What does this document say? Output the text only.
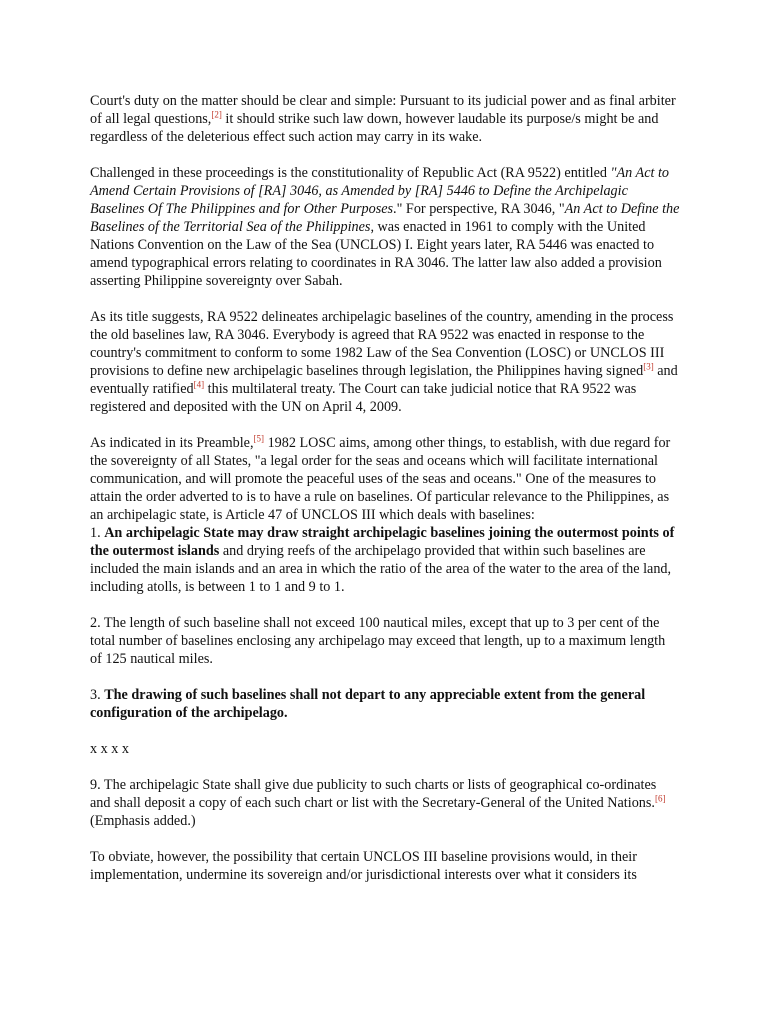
Court's duty on the matter should be clear and simple: Pursuant to its judicial power and as final arbiter of all legal questions,[2] it should strike such law down, however laudable its purpose/s might be and regardless of the deleterious effect such action may carry in its wake.

Challenged in these proceedings is the constitutionality of Republic Act (RA 9522) entitled "An Act to Amend Certain Provisions of [RA] 3046, as Amended by [RA] 5446 to Define the Archipelagic Baselines Of The Philippines and for Other Purposes." For perspective, RA 3046, "An Act to Define the Baselines of the Territorial Sea of the Philippines, was enacted in 1961 to comply with the United Nations Convention on the Law of the Sea (UNCLOS) I. Eight years later, RA 5446 was enacted to amend typographical errors relating to coordinates in RA 3046. The latter law also added a provision asserting Philippine sovereignty over Sabah.

As its title suggests, RA 9522 delineates archipelagic baselines of the country, amending in the process the old baselines law, RA 3046. Everybody is agreed that RA 9522 was enacted in response to the country's commitment to conform to some 1982 Law of the Sea Convention (LOSC) or UNCLOS III provisions to define new archipelagic baselines through legislation, the Philippines having signed[3] and eventually ratified[4] this multilateral treaty. The Court can take judicial notice that RA 9522 was registered and deposited with the UN on April 4, 2009.

As indicated in its Preamble,[5] 1982 LOSC aims, among other things, to establish, with due regard for the sovereignty of all States, "a legal order for the seas and oceans which will facilitate international communication, and will promote the peaceful uses of the seas and oceans." One of the measures to attain the order adverted to is to have a rule on baselines. Of particular relevance to the Philippines, as an archipelagic state, is Article 47 of UNCLOS III which deals with baselines:

1. An archipelagic State may draw straight archipelagic baselines joining the outermost points of the outermost islands and drying reefs of the archipelago provided that within such baselines are included the main islands and an area in which the ratio of the area of the water to the area of the land, including atolls, is between 1 to 1 and 9 to 1.

2. The length of such baseline shall not exceed 100 nautical miles, except that up to 3 per cent of the total number of baselines enclosing any archipelago may exceed that length, up to a maximum length of 125 nautical miles.

3. The drawing of such baselines shall not depart to any appreciable extent from the general configuration of the archipelago.

x x x x

9. The archipelagic State shall give due publicity to such charts or lists of geographical co-ordinates and shall deposit a copy of each such chart or list with the Secretary-General of the United Nations.[6] (Emphasis added.)

To obviate, however, the possibility that certain UNCLOS III baseline provisions would, in their implementation, undermine its sovereign and/or jurisdictional interests over what it considers its
